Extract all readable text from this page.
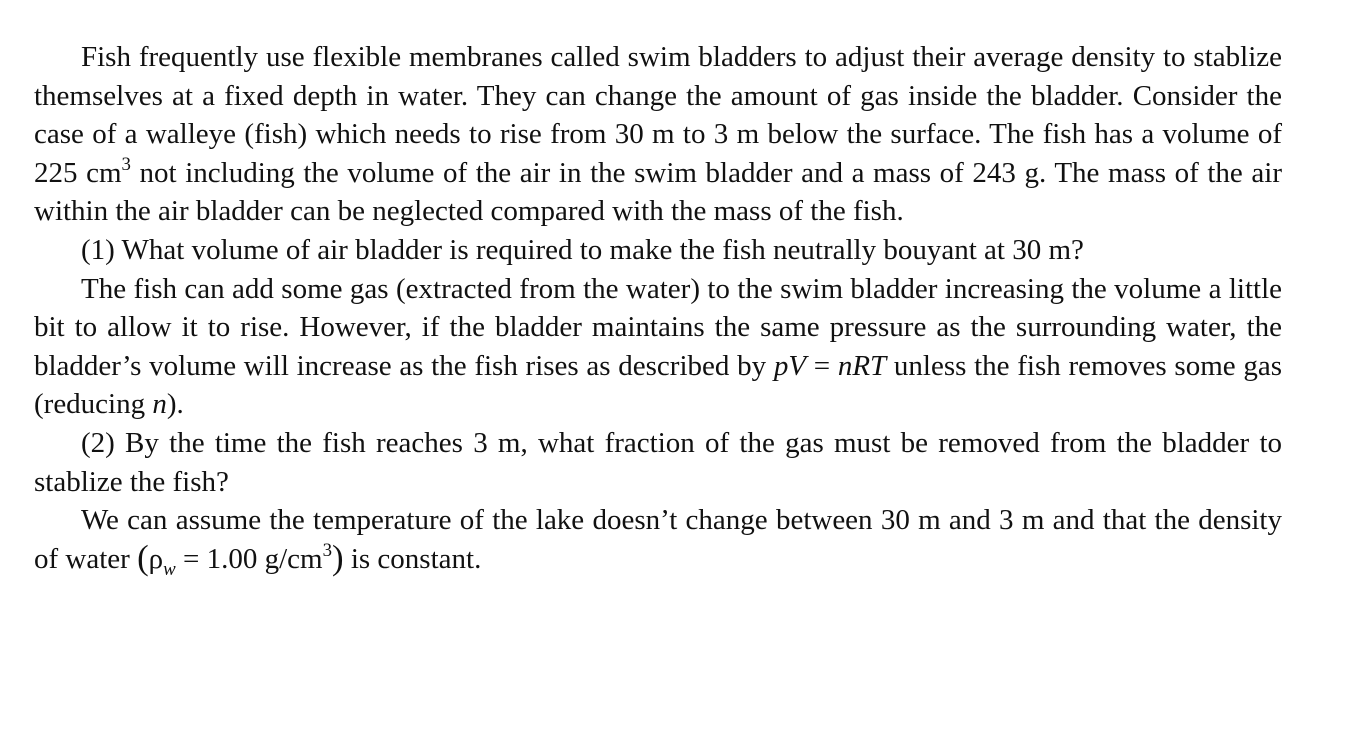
Fish frequently use flexible membranes called swim bladders to adjust their average density to stablize themselves at a fixed depth in water. They can change the amount of gas inside the bladder. Consider the case of a walleye (fish) which needs to rise from 30 m to 3 m below the surface. The fish has a volume of 225 $cm^3$ not including the volume of the air in the swim bladder and a mass of 243 g. The mass of the air within the air bladder can be neglected compared with the mass of the fish.

(1) What volume of air bladder is required to make the fish neutrally bouyant at 30 m?

The fish can add some gas (extracted from the water) to the swim bladder increasing the volume a little bit to allow it to rise. However, if the bladder maintains the same pressure as the surrounding water, the bladder’s volume will increase as the fish rises as described by pV = nRT unless the fish removes some gas (reducing n).

(2) By the time the fish reaches 3 m, what fraction of the gas must be removed from the bladder to stablize the fish?

We can assume the temperature of the lake doesn’t change between 30 m and 3 m and that the density of water ($\rho_w = 1.00$ $g/cm^3$) is constant.
